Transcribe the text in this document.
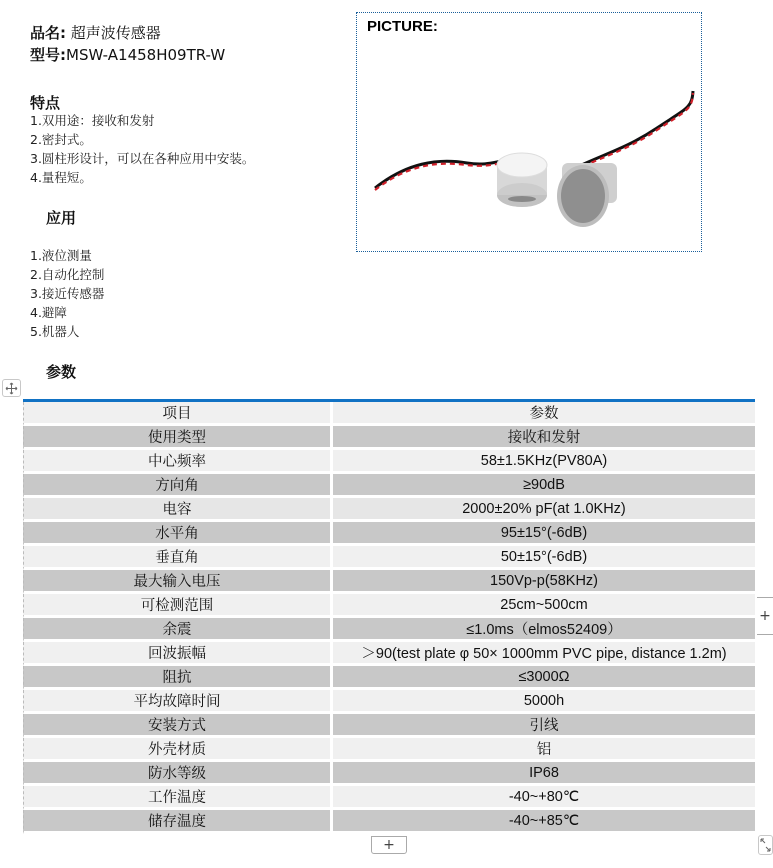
品名: 超声波传感器
型号:MSW-A1458H09TR-W
特点
1.双用途：接收和发射
2.密封式。
3.圆柱形设计，可以在各种应用中安装。
4.量程短。
应用
1.液位测量
2.自动化控制
3.接近传感器
4.避障
5.机器人
PICTURE:
参数
项目	参数
使用类型	接收和发射
中心频率	58±1.5KHz(PV80A)
方向角	≥90dB
电容	2000±20% pF(at 1.0KHz)
水平角	95±15°(-6dB)
垂直角	50±15°(-6dB)
最大输入电压	150Vp-p(58KHz)
可检测范围	25cm~500cm
余震	≤1.0ms（elmos52409）
回波振幅	＞90(test plate φ 50× 1000mm PVC pipe, distance 1.2m)
阻抗	≤3000Ω
平均故障时间	5000h
安装方式	引线
外壳材质	铝
防水等级	IP68
工作温度	-40~+80℃
储存温度	-40~+85℃
+
+
